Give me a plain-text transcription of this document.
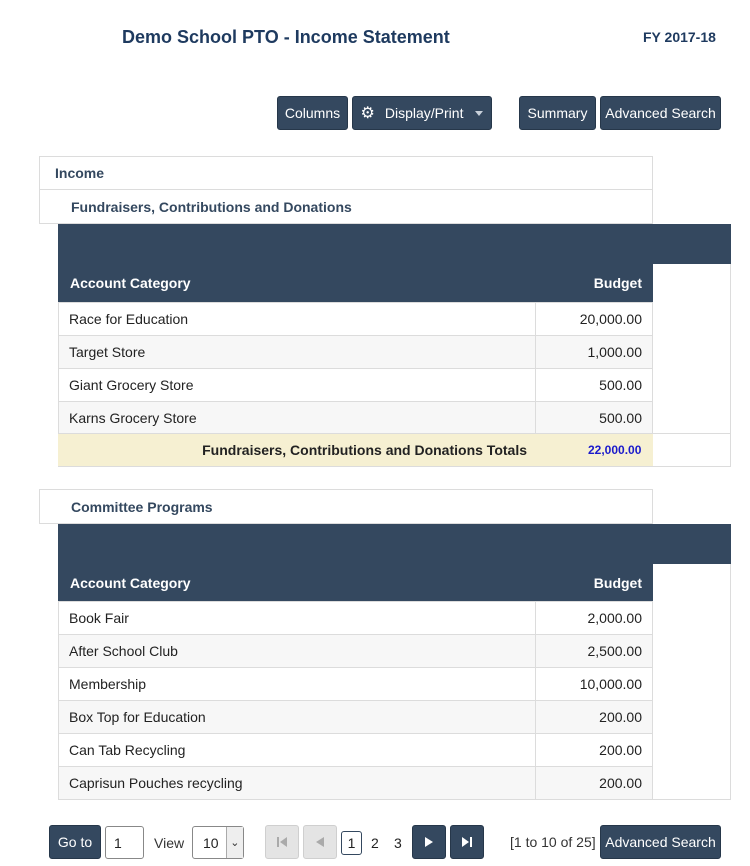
Demo School PTO - Income Statement	FY 2017-18
Columns ⚙ Display/Print	Summary Advanced Search
Income
Fundraisers, Contributions and Donations
Account Category	Budget
Race for Education	20,000.00
Target Store	1,000.00
Giant Grocery Store	500.00
Karns Grocery Store	500.00
Fundraisers, Contributions and Donations Totals	22,000.00
Committee Programs
Account Category	Budget
Book Fair	2,000.00
After School Club	2,500.00
Membership	10,000.00
Box Top for Education	200.00
Can Tab Recycling	200.00
Caprisun Pouches recycling	200.00
Go to 1 View	10	⌄	1 2 3	[1 to 10 of 25] Advanced Search
